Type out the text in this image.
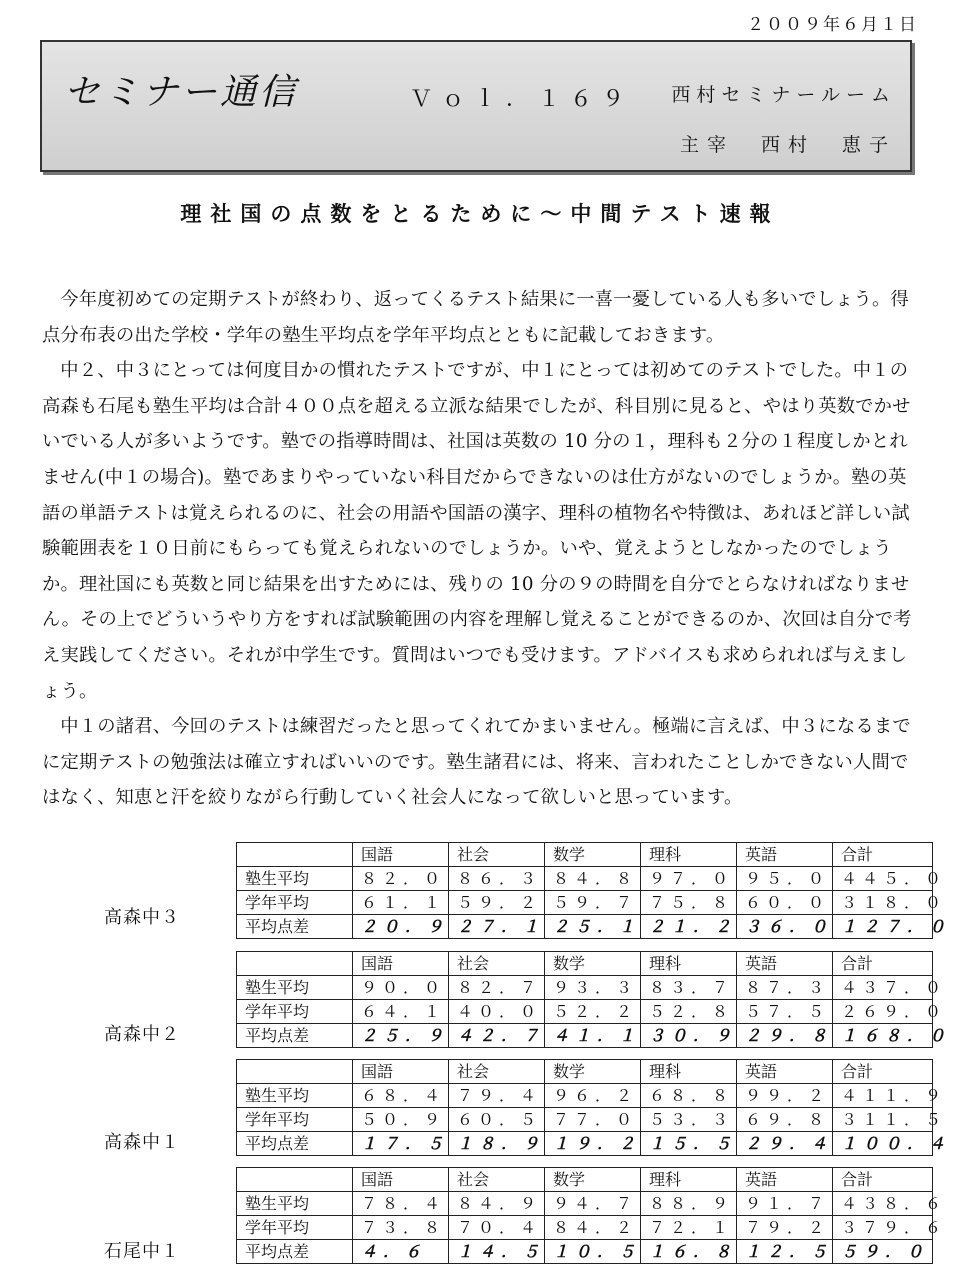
２００９年６月１日
セミナー通信	Ｖｏｌ．１６９ 西村セミナールーム
主宰　西村　恵子
理社国の点数をとるために～中間テスト速報

今年度初めての定期テストが終わり、返ってくるテスト結果に一喜一憂している人も多いでしょう。得点分布表の出た学校・学年の塾生平均点を学年平均点とともに記載しておきます。

中２、中３にとっては何度目かの慣れたテストですが、中１にとっては初めてのテストでした。中１の高森も石尾も塾生平均は合計４００点を超える立派な結果でしたが、科目別に見ると、やはり英数でかせいでいる人が多いようです。塾での指導時間は、社国は英数の 10 分の１，理科も２分の１程度しかとれません(中１の場合)。塾であまりやっていない科目だからできないのは仕方がないのでしょうか。塾の英語の単語テストは覚えられるのに、社会の用語や国語の漢字、理科の植物名や特徴は、あれほど詳しい試験範囲表を１０日前にもらっても覚えられないのでしょうか。いや、覚えようとしなかったのでしょうか。理社国にも英数と同じ結果を出すためには、残りの 10 分の９の時間を自分でとらなければなりません。その上でどういうやり方をすれば試験範囲の内容を理解し覚えることができるのか、次回は自分で考え実践してください。それが中学生です。質問はいつでも受けます。アドバイスも求められれば与えましょう。

中１の諸君、今回のテストは練習だったと思ってくれてかまいません。極端に言えば、中３になるまでに定期テストの勉強法は確立すればいいのです。塾生諸君には、将来、言われたことしかできない人間ではなく、知恵と汗を絞りながら行動していく社会人になって欲しいと思っています。

高森中３
	国語	社会	数学	理科	英語	合計
塾生平均	８２．０	８６．３	８４．８	９７．０	９５．０	４４５．０
学年平均	６１．１	５９．２	５９．７	７５．８	６０．０	３１８．０
平均点差	２０．９	２７．１	２５．１	２１．２	３６．０	１２７．０
高森中２
	国語	社会	数学	理科	英語	合計
塾生平均	９０．０	８２．７	９３．３	８３．７	８７．３	４３７．０
学年平均	６４．１	４０．０	５２．２	５２．８	５７．５	２６９．０
平均点差	２５．９	４２．７	４１．１	３０．９	２９．８	１６８．０
高森中１
	国語	社会	数学	理科	英語	合計
塾生平均	６８．４	７９．４	９６．２	６８．８	９９．２	４１１．９
学年平均	５０．９	６０．５	７７．０	５３．３	６９．８	３１１．５
平均点差	１７．５	１８．９	１９．２	１５．５	２９．４	１００．４
石尾中１
	国語	社会	数学	理科	英語	合計
塾生平均	７８．４	８４．９	９４．７	８８．９	９１．７	４３８．６
学年平均	７３．８	７０．４	８４．２	７２．１	７９．２	３７９．６
平均点差	４．６	１４．５	１０．５	１６．８	１２．５	５９．０
